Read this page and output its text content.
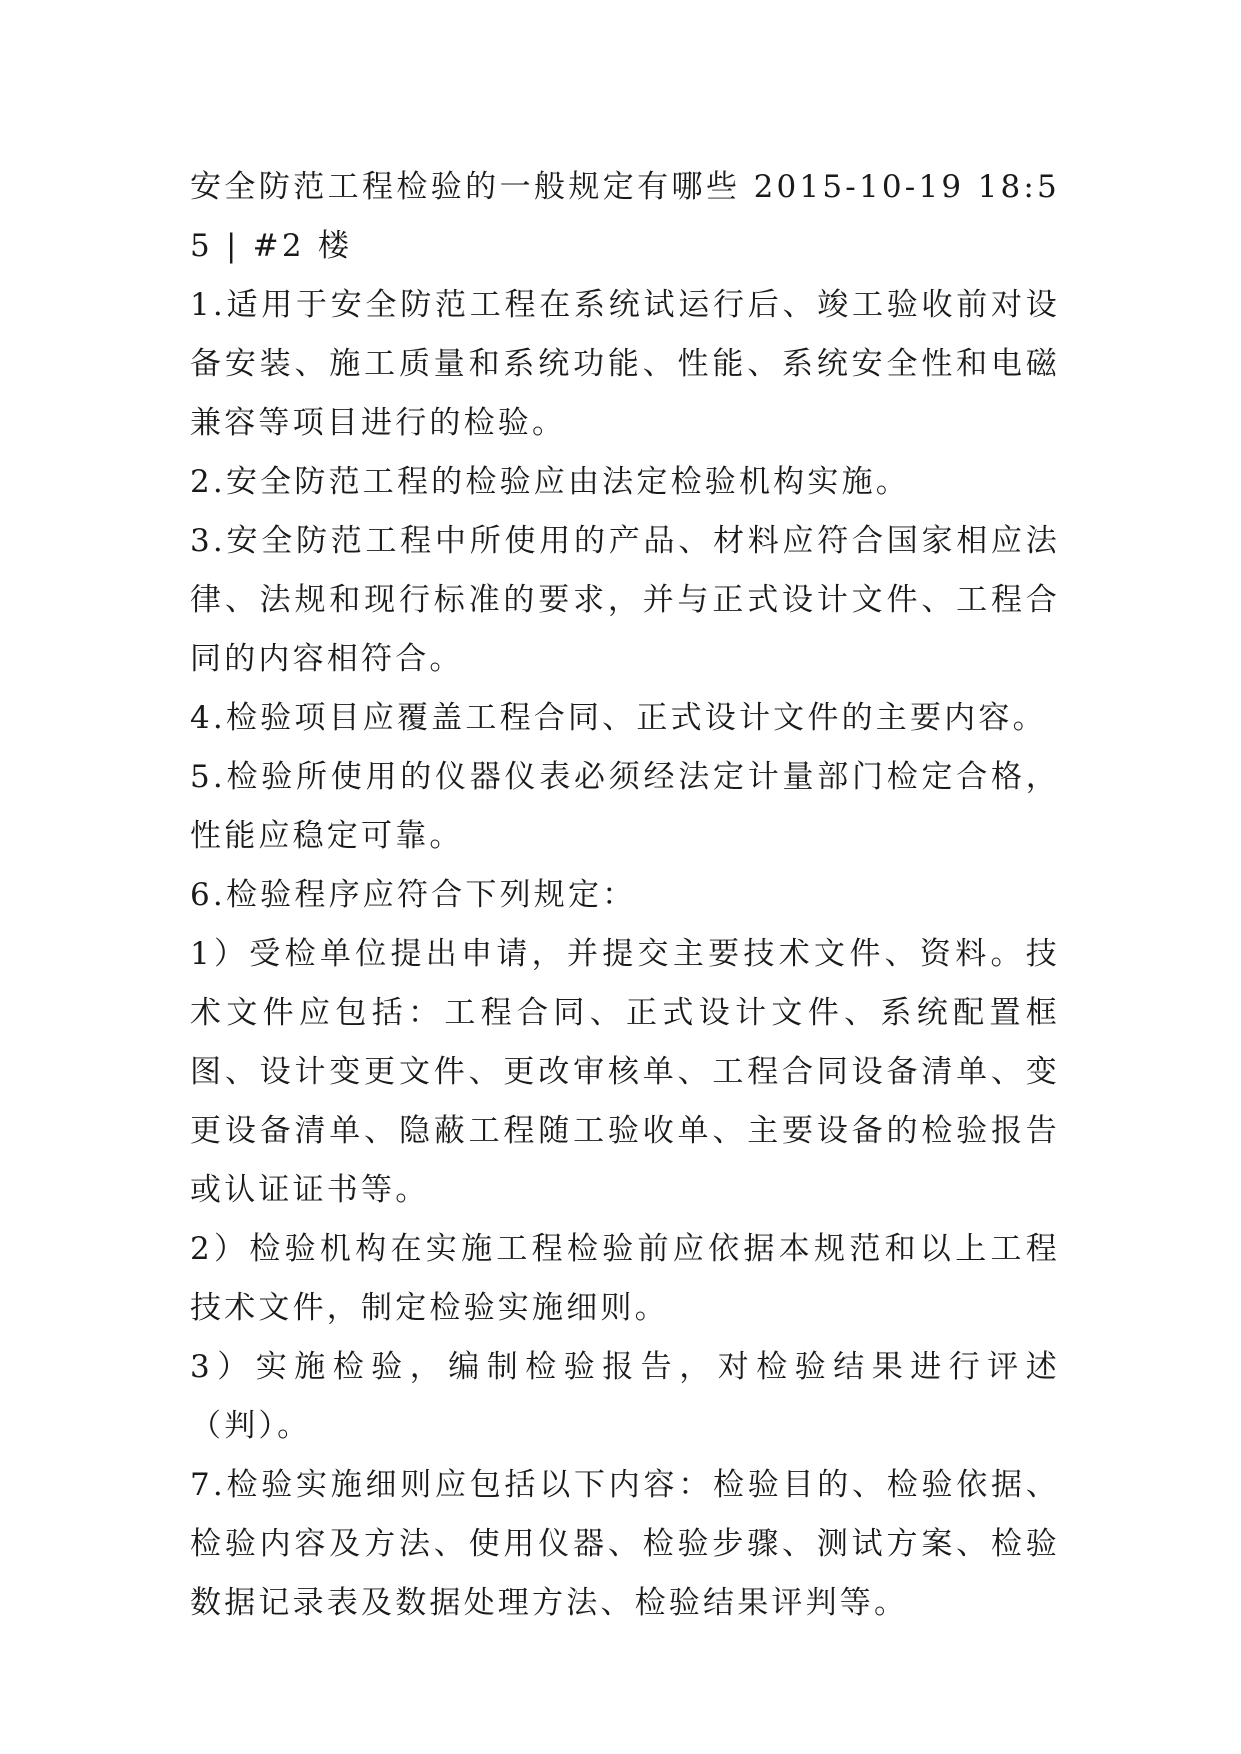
安全防范工程检验的一般规定有哪些 2015-10-19 18:55 | #2 楼

1.适用于安全防范工程在系统试运行后、竣工验收前对设备安装、施工质量和系统功能、性能、系统安全性和电磁兼容等项目进行的检验。

2.安全防范工程的检验应由法定检验机构实施。

3.安全防范工程中所使用的产品、材料应符合国家相应法律、法规和现行标准的要求，并与正式设计文件、工程合同的内容相符合。

4.检验项目应覆盖工程合同、正式设计文件的主要内容。

5.检验所使用的仪器仪表必须经法定计量部门检定合格，性能应稳定可靠。

6.检验程序应符合下列规定：

1）受检单位提出申请，并提交主要技术文件、资料。技术文件应包括：工程合同、正式设计文件、系统配置框图、设计变更文件、更改审核单、工程合同设备清单、变更设备清单、隐蔽工程随工验收单、主要设备的检验报告或认证证书等。

2）检验机构在实施工程检验前应依据本规范和以上工程技术文件，制定检验实施细则。

3）实施检验，编制检验报告，对检验结果进行评述（判）。

7.检验实施细则应包括以下内容：检验目的、检验依据、检验内容及方法、使用仪器、检验步骤、测试方案、检验数据记录表及数据处理方法、检验结果评判等。
